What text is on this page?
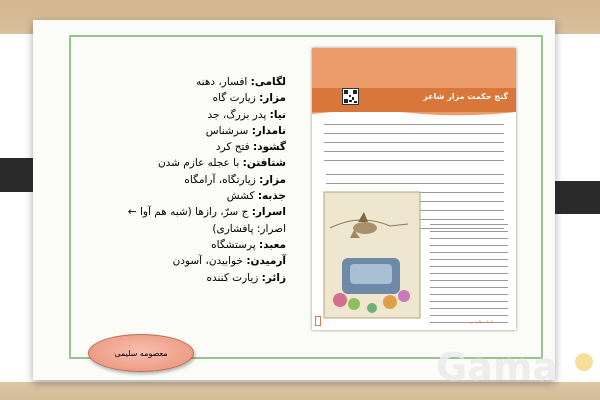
لگامی: افسار، دهنه
مزار: زیارت گاه
نیا: پدر بزرگ، جد
نامدار: سرشناس
گشود: فتح کرد
شتافتن: با عجله عازم شدن
مزار: زیارتگاه، آرامگاه
جذبه: کشش
اسرار: ج سرّ، رازها (شبه هم آوا ←
اصرار: پافشاری)
معبد: پرستشگاه
آرمیدن: خوابیدن، آسودن
زائر: زیارت کننده
معصومه سلیمی
گنج حکمت مزار شاعر
ادبیات فارسی
Gama
